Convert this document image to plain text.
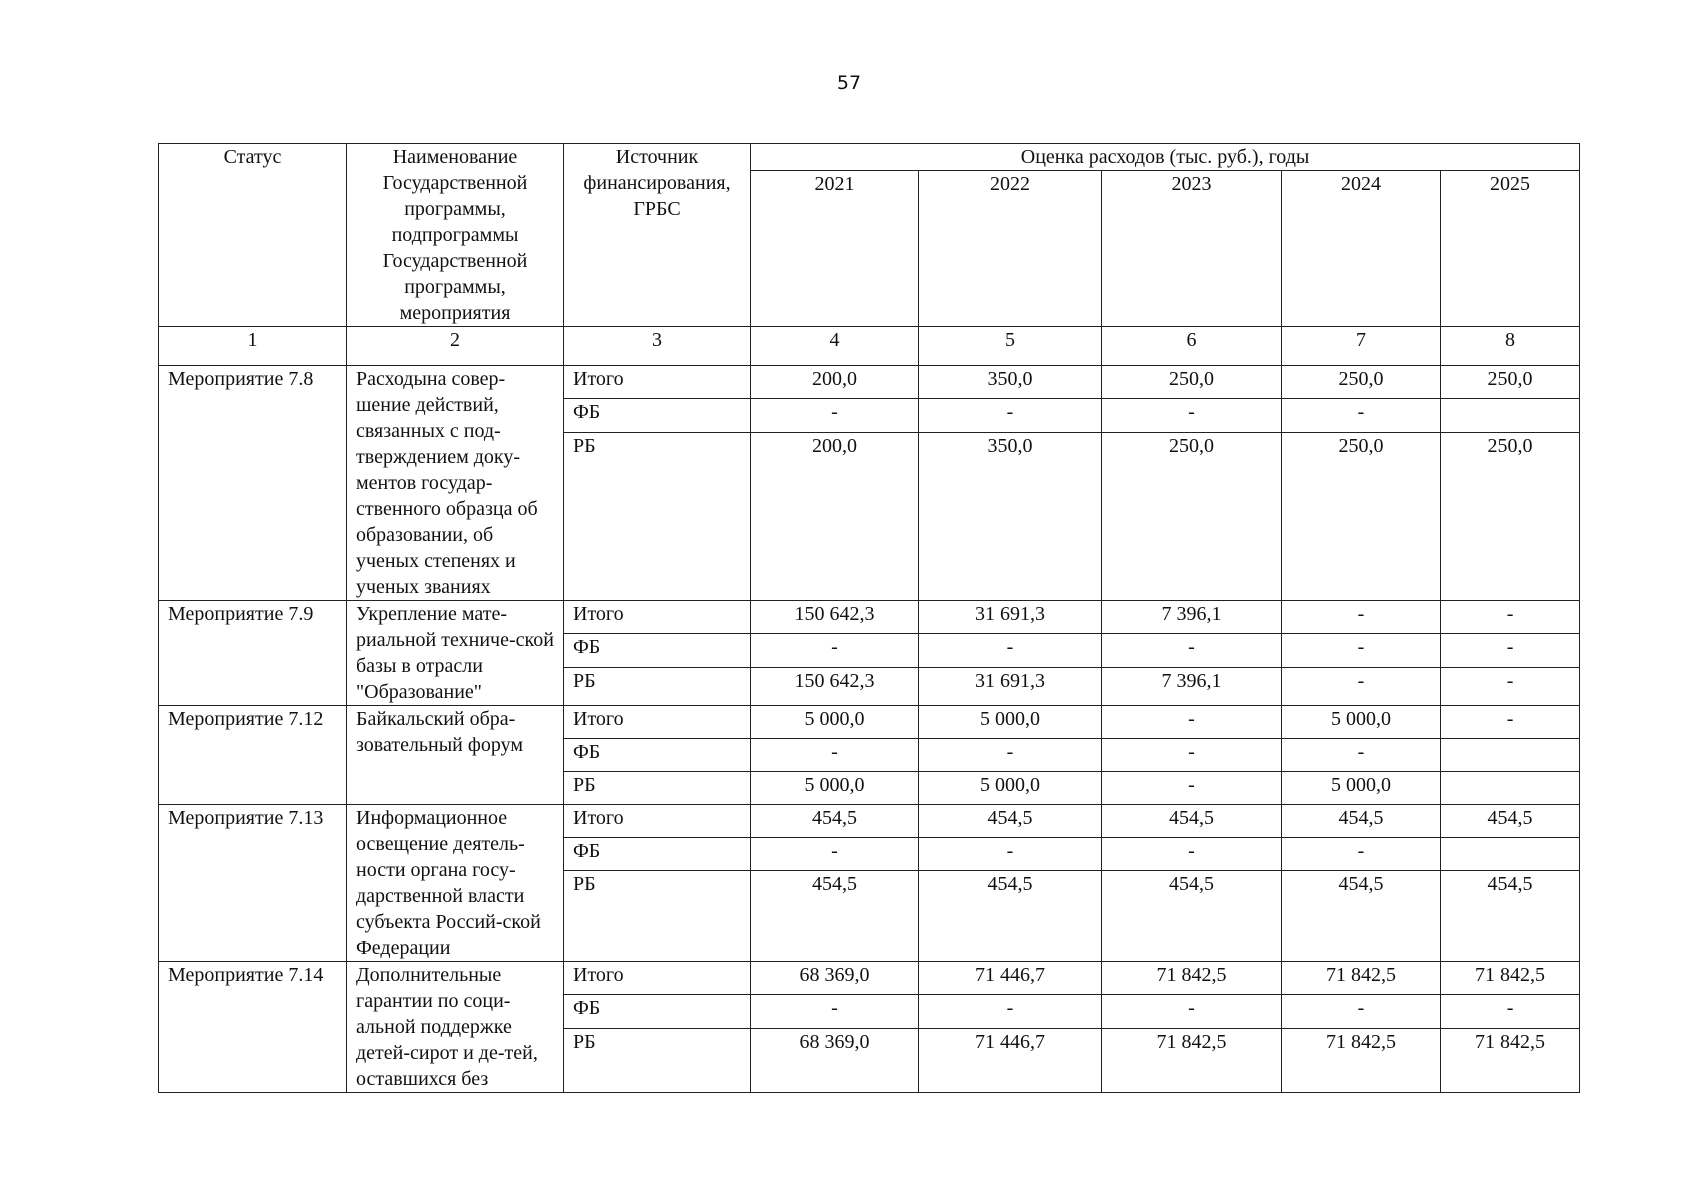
57
Статус	Наименование Государственной программы, подпрограммы Государственной программы, мероприятия	Источник финансирования, ГРБС	Оценка расходов (тыс. руб.), годы				
			2021	2022	2023	2024	2025
1	2	3	4	5	6	7	8
Мероприятие 7.8	Расходына совер-шение действий, связанных с под-тверждением доку-ментов государ-ственного образца об образовании, об ученых степенях и ученых званиях	Итого	200,0	350,0	250,0	250,0	250,0
		ФБ	-	-	-	-	
		РБ	200,0	350,0	250,0	250,0	250,0
Мероприятие 7.9	Укрепление мате-риальной техниче-ской базы в отрасли "Образование"	Итого	150 642,3	31 691,3	7 396,1	-	-
		ФБ	-	-	-	-	-
		РБ	150 642,3	31 691,3	7 396,1	-	-
Мероприятие 7.12	Байкальский обра-зовательный форум	Итого	5 000,0	5 000,0	-	5 000,0	-
		ФБ	-	-	-	-	
		РБ	5 000,0	5 000,0	-	5 000,0	
Мероприятие 7.13	Информационное освещение деятель-ности органа госу-дарственной власти субъекта Россий-ской Федерации	Итого	454,5	454,5	454,5	454,5	454,5
		ФБ	-	-	-	-	
		РБ	454,5	454,5	454,5	454,5	454,5
Мероприятие 7.14	Дополнительные гарантии по соци-альной поддержке детей-сирот и де-тей, оставшихся без	Итого	68 369,0	71 446,7	71 842,5	71 842,5	71 842,5
		ФБ	-	-	-	-	-
		РБ	68 369,0	71 446,7	71 842,5	71 842,5	71 842,5
